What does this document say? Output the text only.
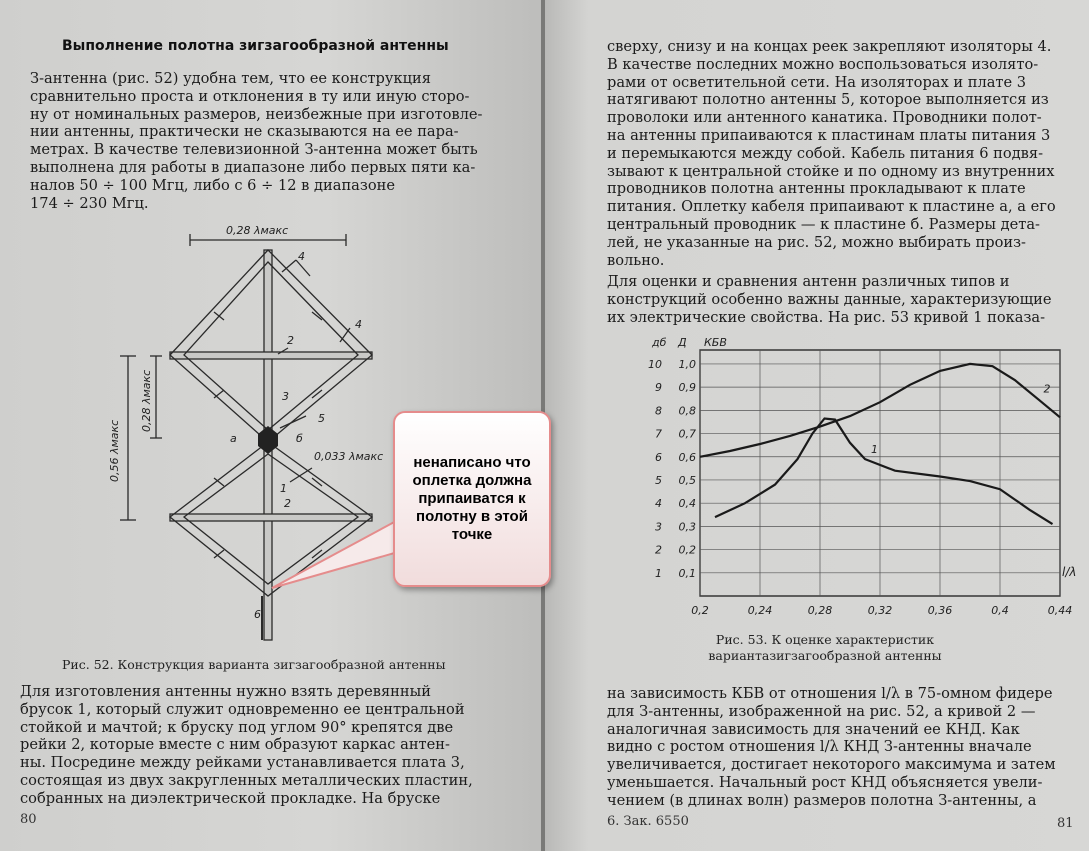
Выполнение полотна зигзагообразной антенны
З-антенна (рис. 52) удобна тем, что ее конструкция
сравнительно проста и отклонения в ту или иную сторо-
ну от номинальных размеров, неизбежные при изготовле-
нии антенны, практически не сказываются на ее пара-
метрах. В качестве телевизионной З-антенна может быть
выполнена для работы в диапазоне либо первых пяти ка-
налов 50 ÷ 100 Мгц, либо с 6 ÷ 12 в диапазоне
174 ÷ 230 Мгц.
0,28 λмакс
0,56 λмакс
0,28 λмакс
0,033 λмакс
4
2
4
3
5
а	б
1
2
6
Рис. 52. Конструкция варианта зигзагообразной антенны
Для изготовления антенны нужно взять деревянный
брусок 1, который служит одновременно ее центральной
стойкой и мачтой; к бруску под углом 90° крепятся две
рейки 2, которые вместе с ним образуют каркас антен-
ны. Посредине между рейками устанавливается плата 3,
состоящая из двух закругленных металлических пластин,
собранных на диэлектрической прокладке. На бруске
80
сверху, снизу и на концах реек закрепляют изоляторы 4.
В качестве последних можно воспользоваться изолято-
рами от осветительной сети. На изоляторах и плате 3
натягивают полотно антенны 5, которое выполняется из
проволоки или антенного канатика. Проводники полот-
на антенны припаиваются к пластинам платы питания 3
и перемыкаются между собой. Кабель питания 6 подвя-
зывают к центральной стойке и по одному из внутренних
проводников полотна антенны прокладывают к плате
питания. Оплетку кабеля припаивают к пластине а, а его
центральный проводник — к пластине б. Размеры дета-
лей, не указанные на рис. 52, можно выбирать произ-
вольно.
Для оценки и сравнения антенн различных типов и
конструкций особенно важны данные, характеризующие
их электрические свойства. На рис. 53 кривой 1 показа-
10 1,0
9 0,9
8 0,8
7 0,7
6 0,6
5 0,5
4 0,4
3 0,3
2 0,2
1 0,1
0,2	0,24	0,28	0,32	0,36	0,4	0,44
дб Д КБВ
l/λ
1
2
Рис. 53. К оценке характеристик вариантазигзагообразной антенны
на зависимость КБВ от отношения l/λ в 75-омном фидере
для З-антенны, изображенной на рис. 52, а кривой 2 —
аналогичная зависимость для значений ее КНД. Как
видно с ростом отношения l/λ КНД З-антенны вначале
увеличивается, достигает некоторого максимума и затем
уменьшается. Начальный рост КНД объясняется увели-
чением (в длинах волн) размеров полотна З-антенны, а
6. Зак. 6550	81
ненаписано что оплетка должна припаиватся к полотну в этой точке
